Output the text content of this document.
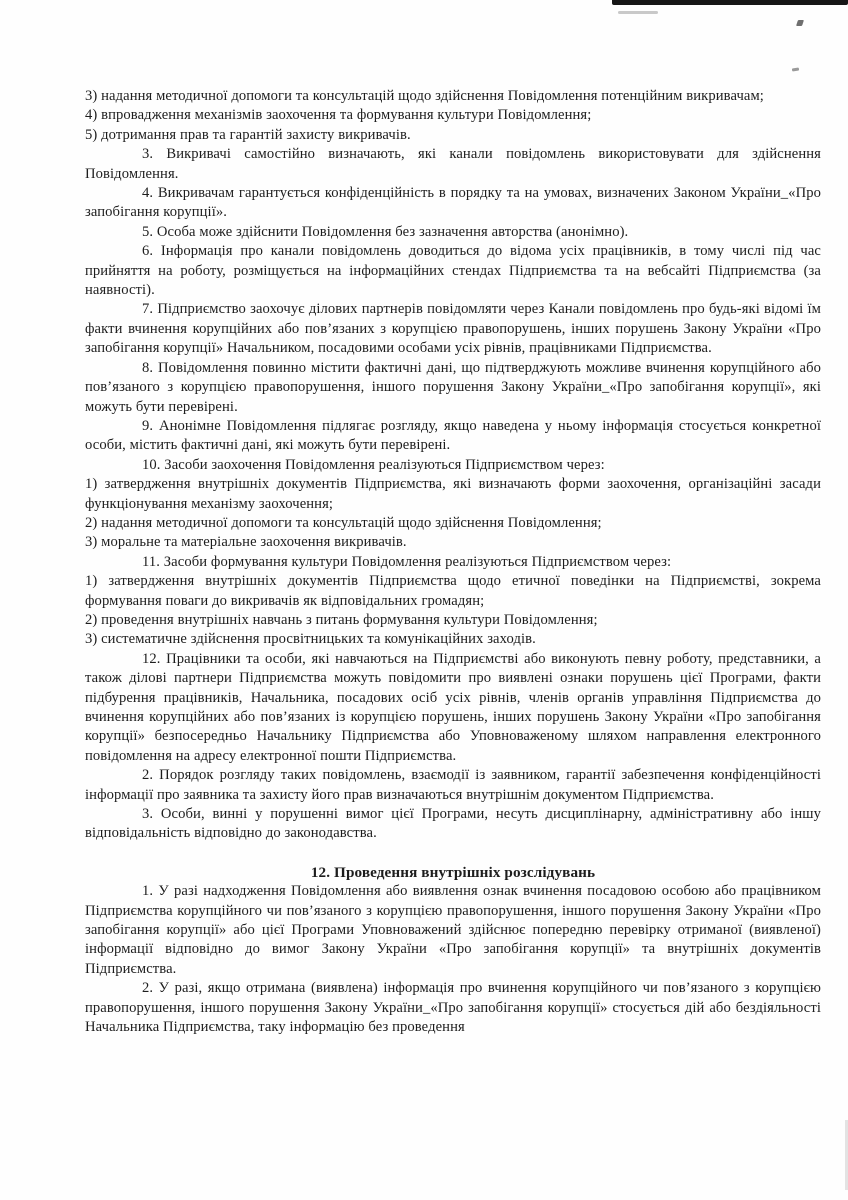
3) надання методичної допомоги та консультацій щодо здійснення Повідомлення потенційним викривачам;

4) впровадження механізмів заохочення та формування культури Повідомлення;

5) дотримання прав та гарантій захисту викривачів.

3. Викривачі самостійно визначають, які канали повідомлень використовувати для здійснення Повідомлення.

4. Викривачам гарантується конфіденційність в порядку та на умовах, визначених Законом України_«Про запобігання корупції».

5. Особа може здійснити Повідомлення без зазначення авторства (анонімно).

6. Інформація про канали повідомлень доводиться до відома усіх працівників, в тому числі під час прийняття на роботу, розміщується на інформаційних стендах Підприємства та на вебсайті Підприємства (за наявності).

7. Підприємство заохочує ділових партнерів повідомляти через Канали повідомлень про будь-які відомі їм факти вчинення корупційних або пов’язаних з корупцією правопорушень, інших порушень Закону України «Про запобігання корупції» Начальником, посадовими особами усіх рівнів, працівниками Підприємства.

8. Повідомлення повинно містити фактичні дані, що підтверджують можливе вчинення корупційного або пов’язаного з корупцією правопорушення, іншого порушення Закону України_«Про запобігання корупції», які можуть бути перевірені.

9. Анонімне Повідомлення підлягає розгляду, якщо наведена у ньому інформація стосується конкретної особи, містить фактичні дані, які можуть бути перевірені.

10. Засоби заохочення Повідомлення реалізуються Підприємством через:

1) затвердження внутрішніх документів Підприємства, які визначають форми заохочення, організаційні засади функціонування механізму заохочення;

2) надання методичної допомоги та консультацій щодо здійснення Повідомлення;

3) моральне та матеріальне заохочення викривачів.

11. Засоби формування культури Повідомлення реалізуються Підприємством через:

1) затвердження внутрішніх документів Підприємства щодо етичної поведінки на Підприємстві, зокрема формування поваги до викривачів як відповідальних громадян;

2) проведення внутрішніх навчань з питань формування культури Повідомлення;

3) систематичне здійснення просвітницьких та комунікаційних заходів.

12. Працівники та особи, які навчаються на Підприємстві або виконують певну роботу, представники, а також ділові партнери Підприємства можуть повідомити про виявлені ознаки порушень цієї Програми, факти підбурення працівників, Начальника, посадових осіб усіх рівнів, членів органів управління Підприємства до вчинення корупційних або пов’язаних із корупцією порушень, інших порушень Закону України «Про запобігання корупції» безпосередньо Начальнику Підприємства або Уповноваженому шляхом направлення електронного повідомлення на адресу електронної пошти Підприємства.

2. Порядок розгляду таких повідомлень, взаємодії із заявником, гарантії забезпечення конфіденційності інформації про заявника та захисту його прав визначаються внутрішнім документом Підприємства.

3. Особи, винні у порушенні вимог цієї Програми, несуть дисциплінарну, адміністративну або іншу відповідальність відповідно до законодавства.

12. Проведення внутрішніх розслідувань

1. У разі надходження Повідомлення або виявлення ознак вчинення посадовою особою або працівником Підприємства корупційного чи пов’язаного з корупцією правопорушення, іншого порушення Закону України «Про запобігання корупції» або цієї Програми Уповноважений здійснює попередню перевірку отриманої (виявленої) інформації відповідно до вимог Закону України «Про запобігання корупції» та внутрішніх документів Підприємства.

2. У разі, якщо отримана (виявлена) інформація про вчинення корупційного чи пов’язаного з корупцією правопорушення, іншого порушення Закону України_«Про запобігання корупції» стосується дій або бездіяльності Начальника Підприємства, таку інформацію без проведення
